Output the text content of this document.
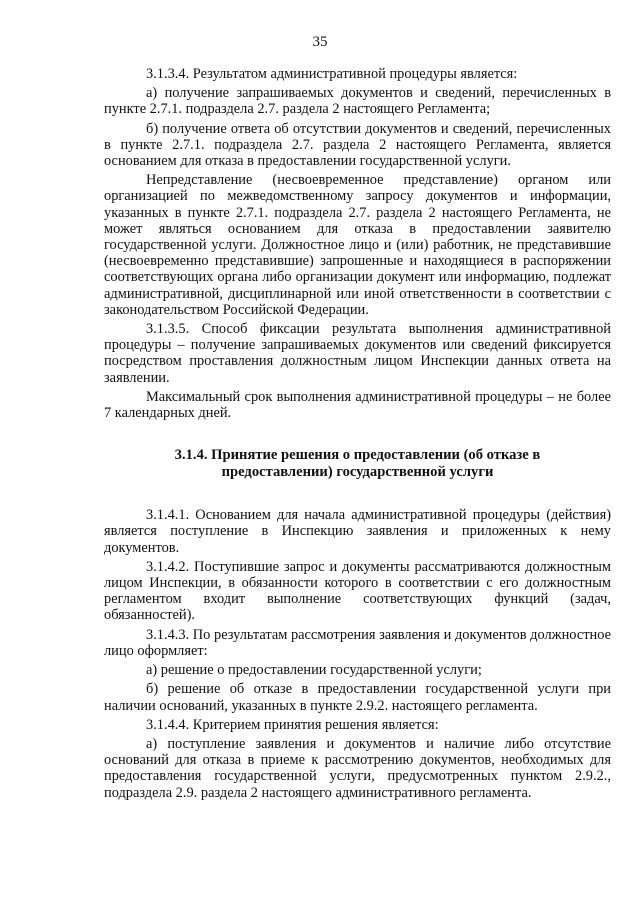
35

3.1.3.4. Результатом административной процедуры является:

а) получение запрашиваемых документов и сведений, перечисленных в пункте 2.7.1. подраздела 2.7. раздела 2 настоящего Регламента;

б) получение ответа об отсутствии документов и сведений, перечисленных в пункте 2.7.1. подраздела 2.7. раздела 2 настоящего Регламента, является основанием для отказа в предоставлении государственной услуги.

Непредставление (несвоевременное представление) органом или организацией по межведомственному запросу документов и информации, указанных в пункте 2.7.1. подраздела 2.7. раздела 2 настоящего Регламента, не может являться основанием для отказа в предоставлении заявителю государственной услуги. Должностное лицо и (или) работник, не представившие (несвоевременно представившие) запрошенные и находящиеся в распоряжении соответствующих органа либо организации документ или информацию, подлежат административной, дисциплинарной или иной ответственности в соответствии с законодательством Российской Федерации.

3.1.3.5. Способ фиксации результата выполнения административной процедуры – получение запрашиваемых документов или сведений фиксируется посредством проставления должностным лицом Инспекции данных ответа на заявлении.

Максимальный срок выполнения административной процедуры – не более 7 календарных дней.

3.1.4. Принятие решения о предоставлении (об отказе в предоставлении) государственной услуги

3.1.4.1. Основанием для начала административной процедуры (действия) является поступление в Инспекцию заявления и приложенных к нему документов.

3.1.4.2. Поступившие запрос и документы рассматриваются должностным лицом Инспекции, в обязанности которого в соответствии с его должностным регламентом входит выполнение соответствующих функций (задач, обязанностей).

3.1.4.3. По результатам рассмотрения заявления и документов должностное лицо оформляет:

а) решение о предоставлении государственной услуги;

б) решение об отказе в предоставлении государственной услуги при наличии оснований, указанных в пункте 2.9.2. настоящего регламента.

3.1.4.4. Критерием принятия решения является:

а) поступление заявления и документов и наличие либо отсутствие оснований для отказа в приеме к рассмотрению документов, необходимых для предоставления государственной услуги, предусмотренных пунктом 2.9.2., подраздела 2.9. раздела 2 настоящего административного регламента.
